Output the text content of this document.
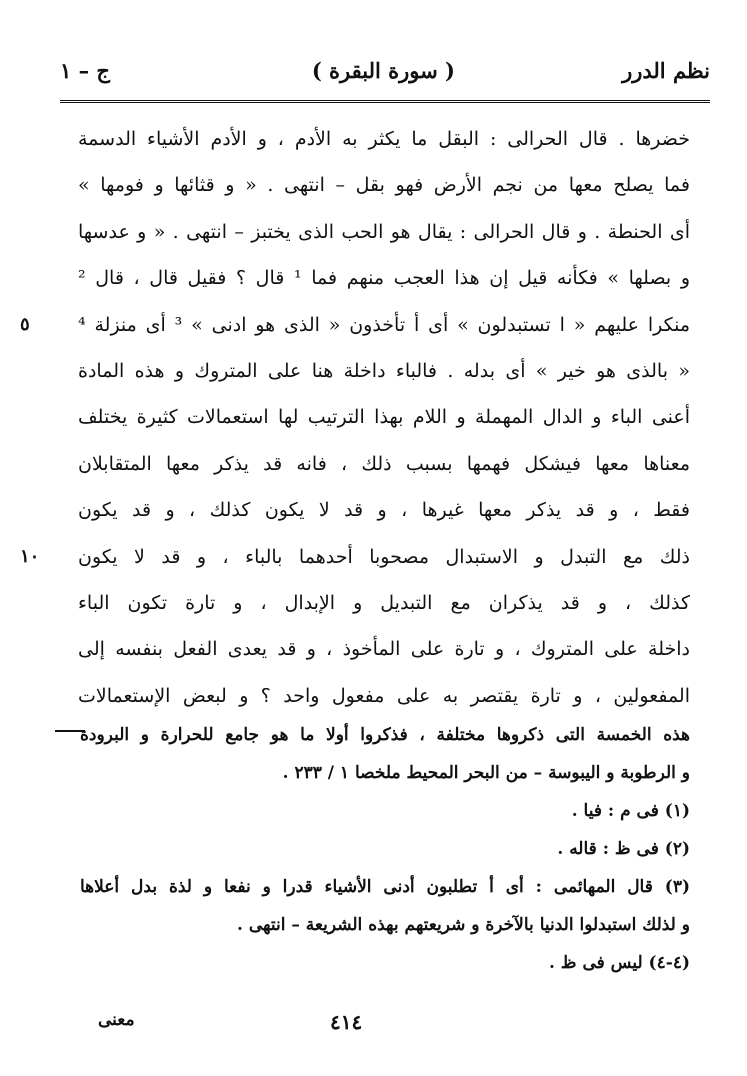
نظم الدرر
( سورة البقرة )
ج – ١
خضرها . قال الحرالى : البقل ما يكثر به الأدم ، و الأدم الأشياء الدسمة
فما يصلح معها من نجم الأرض فهو بقل – انتهى . « و قثائها و فومها »
أى الحنطة . و قال الحرالى : يقال هو الحب الذى يختبز – انتهى . « و عدسها
و بصلها » فكأنه قيل إن هذا العجب منهم فما ¹ قال ؟ فقيل قال ، قال ²
منكرا عليهم « ا تستبدلون » أى أ تأخذون « الذى هو ادنى » ³ أى منزلة ⁴
٥
« بالذى هو خير » أى بدله . فالباء داخلة هنا على المتروك و هذه المادة
أعنى الباء و الدال المهملة و اللام بهذا الترتيب لها استعمالات كثيرة يختلف
معناها معها فيشكل فهمها بسبب ذلك ، فانه قد يذكر معها المتقابلان
فقط ، و قد يذكر معها غيرها ، و قد لا يكون كذلك ، و قد يكون
ذلك مع التبدل و الاستبدال مصحوبا أحدهما بالباء ، و قد لا يكون
١٠
كذلك ، و قد يذكران مع التبديل و الإبدال ، و تارة تكون الباء
داخلة على المتروك ، و تارة على المأخوذ ، و قد يعدى الفعل بنفسه إلى
المفعولين ، و تارة يقتصر به على مفعول واحد ؟ و لبعض الإستعمالات
هذه الخمسة التى ذكروها مختلفة ، فذكروا أولا ما هو جامع للحرارة و البرودة
و الرطوبة و اليبوسة – من البحر المحيط ملخصا ١ / ٢٣٣ .
(١) فى م : فيا .
(٢) فى ظ : قاله .
(٣) قال المهائمى : أى أ تطلبون أدنى الأشياء قدرا و نفعا و لذة بدل أعلاها
و لذلك استبدلوا الدنيا بالآخرة و شريعتهم بهذه الشريعة – انتهى .
(٤-٤) ليس فى ظ .
٤١٤
معنى
